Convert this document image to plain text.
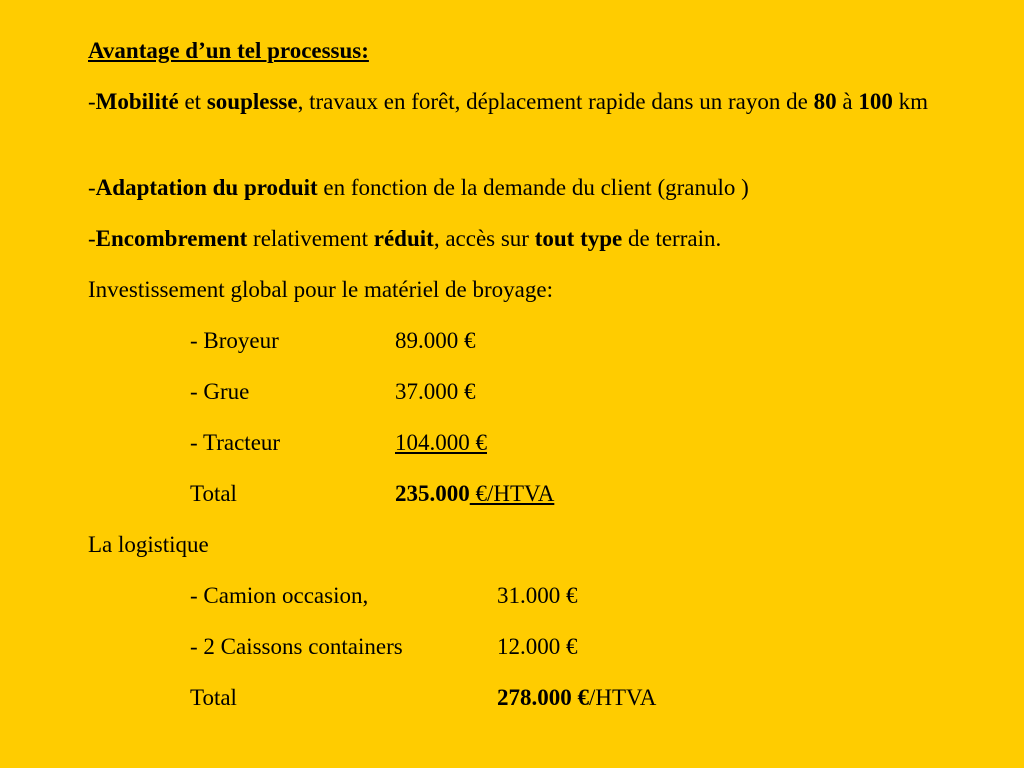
Avantage d’un tel processus:
-Mobilité et souplesse, travaux en forêt, déplacement rapide dans un rayon de 80 à 100 km
-Adaptation du produit en fonction de la demande du client (granulo )
-Encombrement relativement réduit, accès sur tout type de terrain.
Investissement global pour le matériel de broyage:
- Broyeur	89.000 €
- Grue	37.000 €
- Tracteur	104.000 €
Total	235.000 €/HTVA
La logistique
- Camion occasion,	31.000 €
- 2 Caissons containers	12.000 €
Total	278.000 €/HTVA
